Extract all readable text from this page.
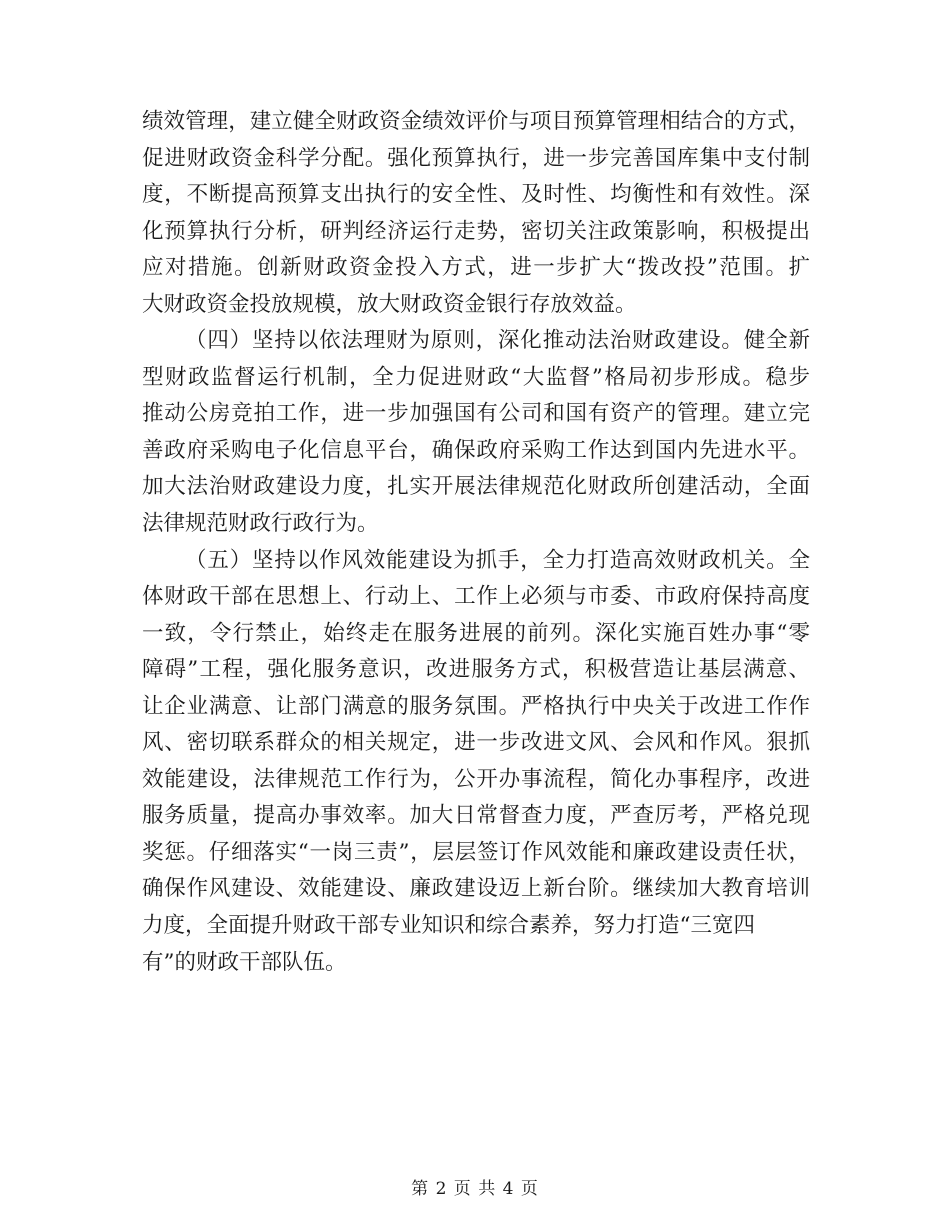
绩效管理，建立健全财政资金绩效评价与项目预算管理相结合的方式，
促进财政资金科学分配。强化预算执行，进一步完善国库集中支付制
度，不断提高预算支出执行的安全性、及时性、均衡性和有效性。深
化预算执行分析，研判经济运行走势，密切关注政策影响，积极提出
应对措施。创新财政资金投入方式，进一步扩大“拨改投”范围。扩
大财政资金投放规模，放大财政资金银行存放效益。
（四）坚持以依法理财为原则，深化推动法治财政建设。健全新
型财政监督运行机制，全力促进财政“大监督”格局初步形成。稳步
推动公房竞拍工作，进一步加强国有公司和国有资产的管理。建立完
善政府采购电子化信息平台，确保政府采购工作达到国内先进水平。
加大法治财政建设力度，扎实开展法律规范化财政所创建活动，全面
法律规范财政行政行为。
（五）坚持以作风效能建设为抓手，全力打造高效财政机关。全
体财政干部在思想上、行动上、工作上必须与市委、市政府保持高度
一致，令行禁止，始终走在服务进展的前列。深化实施百姓办事“零
障碍”工程，强化服务意识，改进服务方式，积极营造让基层满意、
让企业满意、让部门满意的服务氛围。严格执行中央关于改进工作作
风、密切联系群众的相关规定，进一步改进文风、会风和作风。狠抓
效能建设，法律规范工作行为，公开办事流程，简化办事程序，改进
服务质量，提高办事效率。加大日常督查力度，严查厉考，严格兑现
奖惩。仔细落实“一岗三责”，层层签订作风效能和廉政建设责任状，
确保作风建设、效能建设、廉政建设迈上新台阶。继续加大教育培训
力度，全面提升财政干部专业知识和综合素养，努力打造“三宽四
有”的财政干部队伍。
第 2 页 共 4 页
